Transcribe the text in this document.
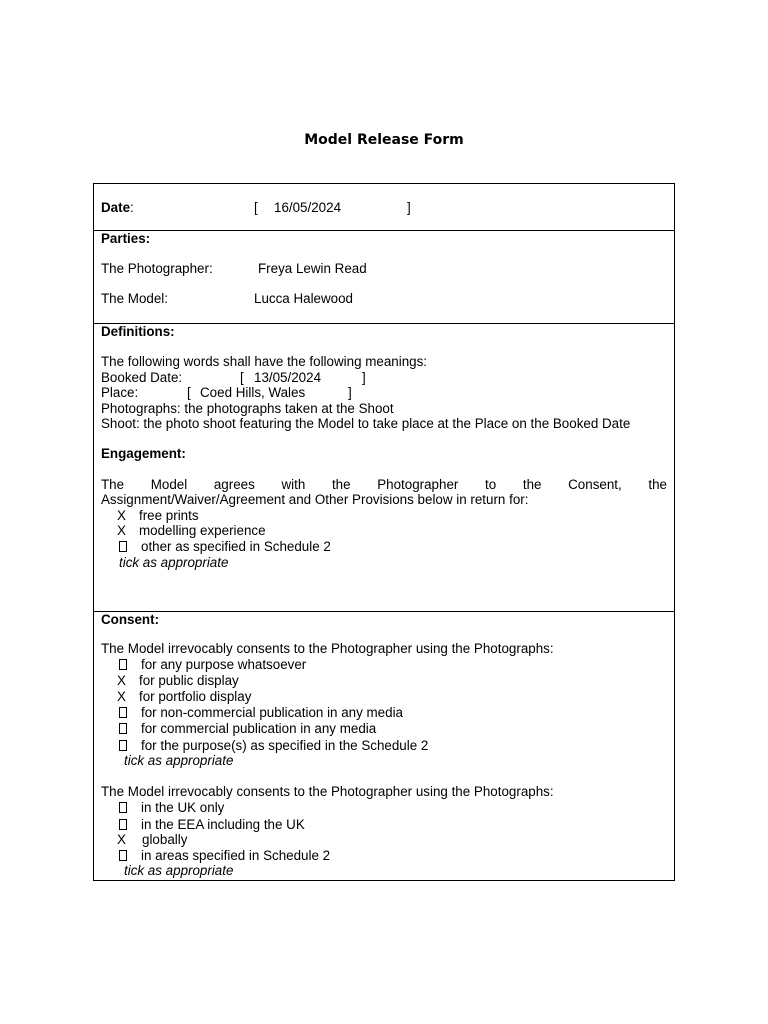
Model Release Form
Date:	[ 16/05/2024	]
Parties:
The Photographer:	Freya Lewin Read
The Model:	Lucca Halewood
Definitions:
The following words shall have the following meanings:
Booked Date:	[ 13/05/2024	]
Place:	[ Coed Hills, Wales	]
Photographs: the photographs taken at the Shoot
Shoot: the photo shoot featuring the Model to take place at the Place on the Booked Date
Engagement:
The Model agrees with the Photographer to the Consent, the
Assignment/Waiver/Agreement and Other Provisions below in return for:
X free prints
X modelling experience
other as specified in Schedule 2
tick as appropriate
Consent:
The Model irrevocably consents to the Photographer using the Photographs:
for any purpose whatsoever
X for public display
X for portfolio display
for non-commercial publication in any media
for commercial publication in any media
for the purpose(s) as specified in the Schedule 2
tick as appropriate
The Model irrevocably consents to the Photographer using the Photographs:
in the UK only
in the EEA including the UK
X globally
in areas specified in Schedule 2
tick as appropriate
